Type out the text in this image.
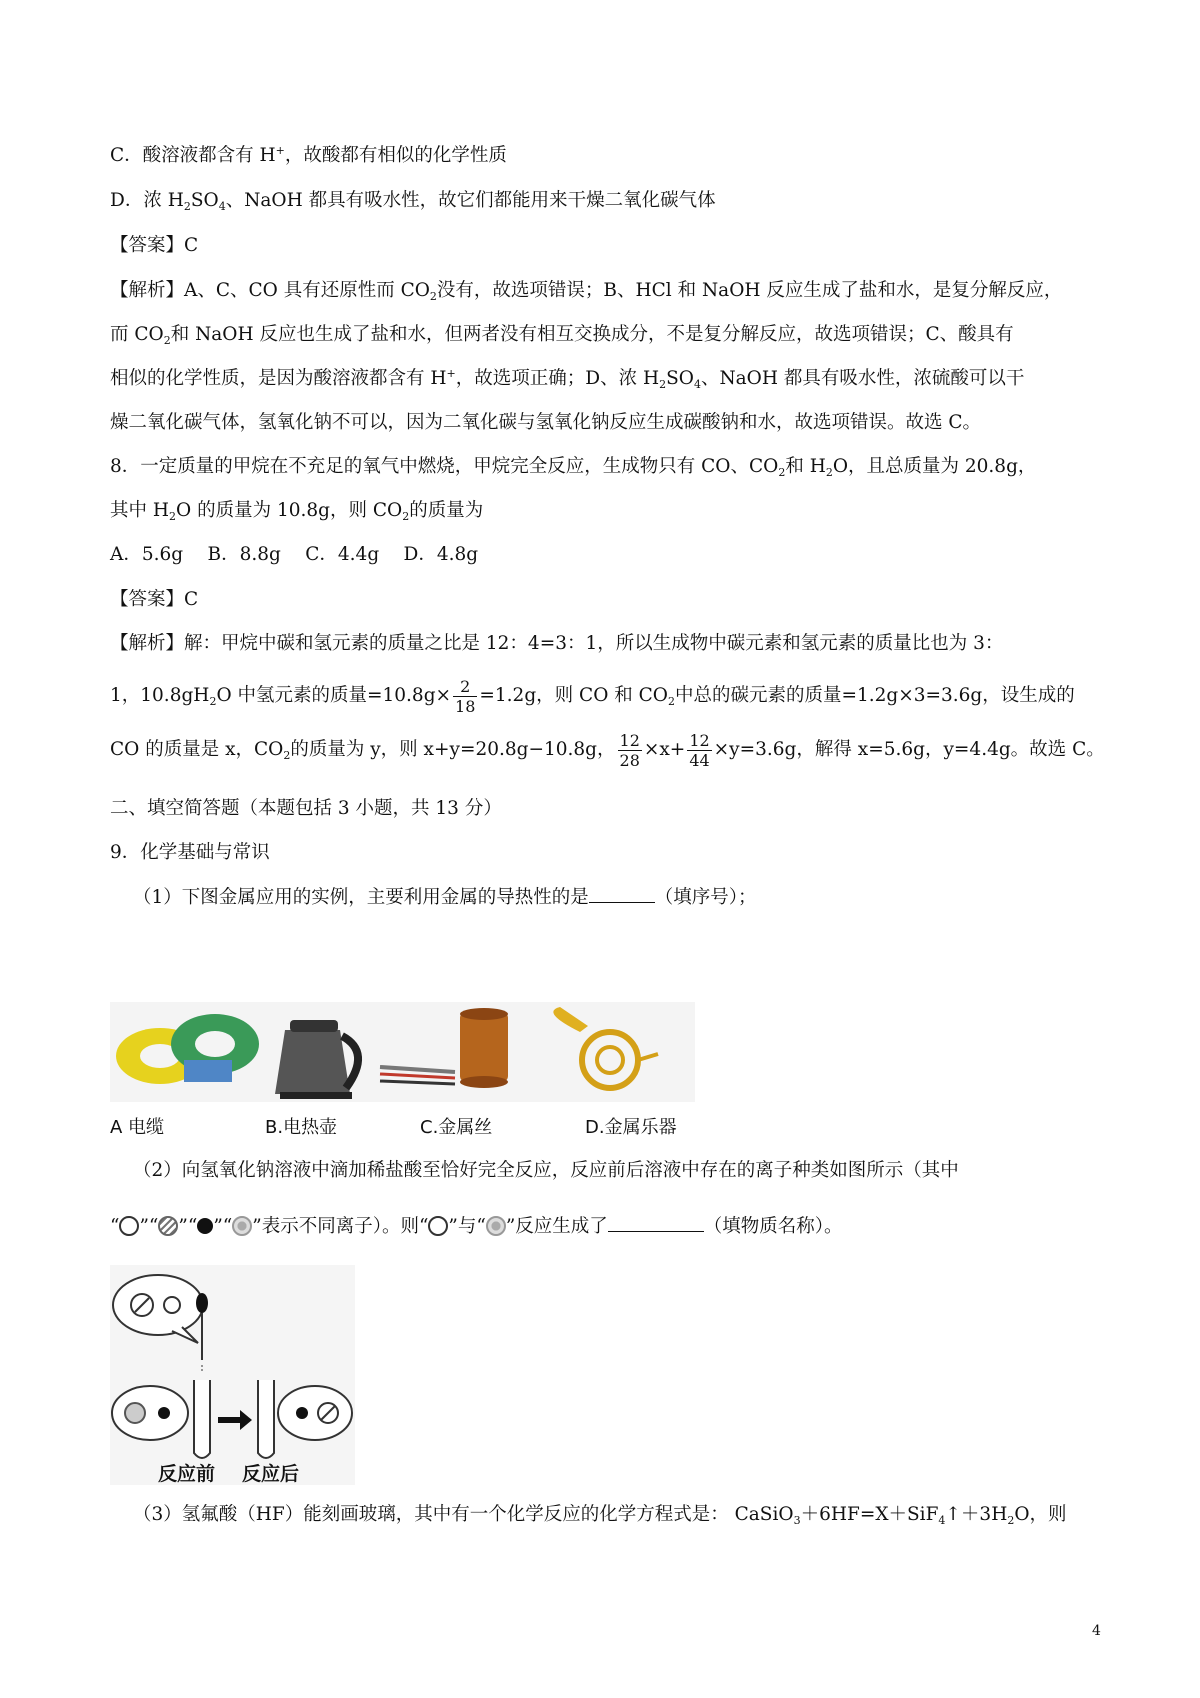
C．酸溶液都含有 H+，故酸都有相似的化学性质
D．浓 $H_2SO_4$、NaOH 都具有吸水性，故它们都能用来干燥二氧化碳气体
【答案】C
【解析】A、C、CO 具有还原性而 $CO_2$没有，故选项错误；B、HCl 和 NaOH 反应生成了盐和水，是复分解反应，
而 $CO_2$和 NaOH 反应也生成了盐和水，但两者没有相互交换成分，不是复分解反应，故选项错误；C、酸具有
相似的化学性质，是因为酸溶液都含有 H+，故选项正确；D、浓 $H_2SO_4$、NaOH 都具有吸水性，浓硫酸可以干
燥二氧化碳气体，氢氧化钠不可以，因为二氧化碳与氢氧化钠反应生成碳酸钠和水，故选项错误。故选 C。
8．一定质量的甲烷在不充足的氧气中燃烧，甲烷完全反应，生成物只有 CO、$CO_2$和 $H_2O$，且总质量为 20.8g，
其中 $H_2O$ 的质量为 10.8g，则 $CO_2$的质量为
A．5.6g　 B．8.8g　 C．4.4g　 D．4.8g
【答案】C
【解析】解：甲烷中碳和氢元素的质量之比是 12：4=3：1，所以生成物中碳元素和氢元素的质量比也为 3：
1，$10.8gH_2O$ 中氢元素的质量$=10.8g\times \frac{2}{18} =1.2g$，则 CO 和 $CO_2$中总的碳元素的质量=1.2g×3=3.6g，设生成的
CO 的质量是 x，$CO_2$的质量为 y，则 x+y=20.8g−10.8g， $\frac{12}{28} \times x+ \frac{12}{44} \times y=3.6g$，解得 x=5.6g，y=4.4g。故选 C。
二、填空简答题（本题包括 3 小题，共 13 分）
9．化学基础与常识
（1）下图金属应用的实例，主要利用金属的导热性的是	（填序号）；
A 电缆	B.电热壶	C.金属丝	D.金属乐器
（2）向氢氧化钠溶液中滴加稀盐酸至恰好完全反应，反应前后溶液中存在的离子种类如图所示（其中
“ ”“ ”“ ”“ ”表示不同离子）。则“ ”与“ ”反应生成了	（填物质名称）。
反应前 反应后
（3）氢氟酸（HF）能刻画玻璃，其中有一个化学反应的化学方程式是： $CaSiO_3+6HF=X+SiF_4↑+3H_2O$，则
4
